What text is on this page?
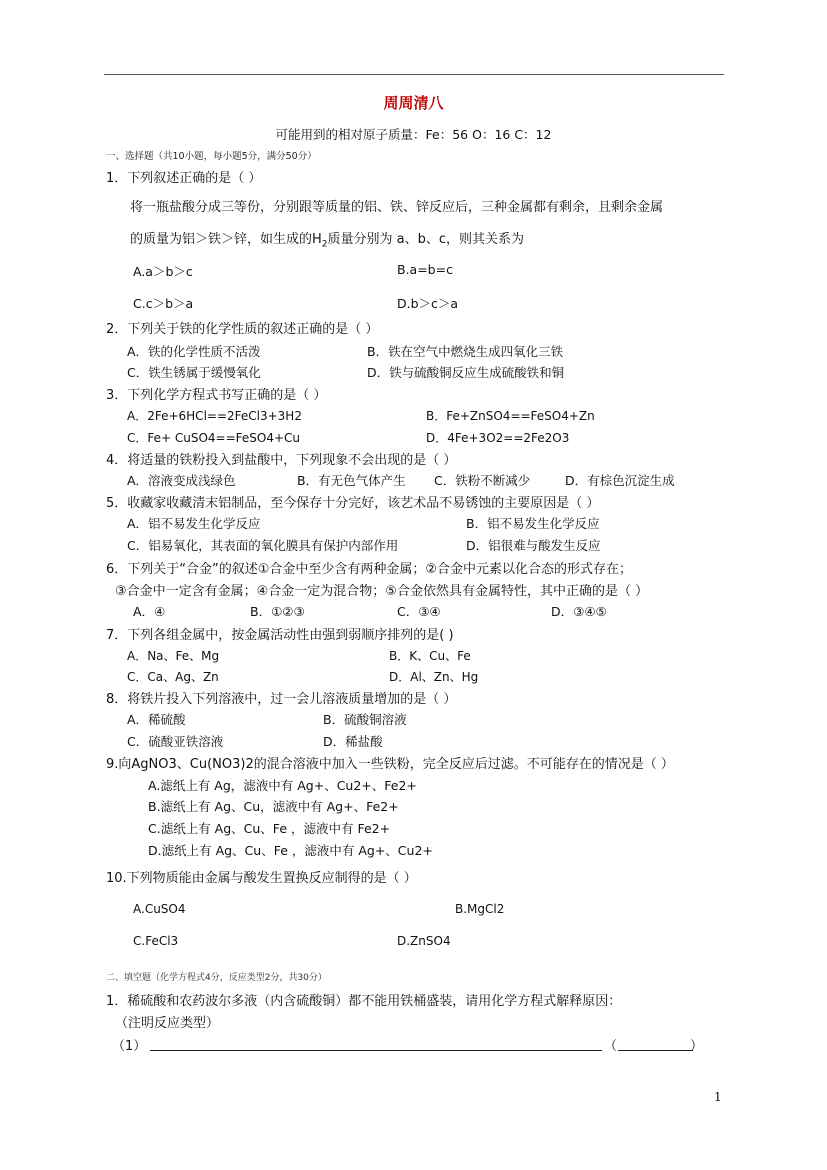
周周清八
可能用到的相对原子质量：Fe：56 O：16 C：12
一、选择题（共10小题，每小题5分，满分50分）
1．下列叙述正确的是（ ）
将一瓶盐酸分成三等份，分别跟等质量的铝、铁、锌反应后，三种金属都有剩余，且剩余金属
的质量为铝＞铁＞锌，如生成的$H_2$质量分别为 a、b、c，则其关系为
A.a＞b＞c	B.a=b=c
C.c＞b＞a	D.b＞c＞a
2．下列关于铁的化学性质的叙述正确的是（ ）
A．铁的化学性质不活泼	B．铁在空气中燃烧生成四氧化三铁
C．铁生锈属于缓慢氧化	D．铁与硫酸铜反应生成硫酸铁和铜
3．下列化学方程式书写正确的是（ ）
A．2Fe+6HCl==2FeCl3+3H2	B．Fe+ZnSO4==FeSO4+Zn
C．Fe+ CuSO4==FeSO4+Cu	D．4Fe+3O2==2Fe2O3
4．将适量的铁粉投入到盐酸中，下列现象不会出现的是（ ）
A．溶液变成浅绿色	B．有无色气体产生 C．铁粉不断减少	D．有棕色沉淀生成
5．收藏家收藏清末铝制品，至今保存十分完好，该艺术品不易锈蚀的主要原因是（ ）
A．铝不易发生化学反应	B．铝不易发生化学反应
C．铝易氧化，其表面的氧化膜具有保护内部作用	D．铝很难与酸发生反应
6．下列关于“合金”的叙述①合金中至少含有两种金属；②合金中元素以化合态的形式存在；
③合金中一定含有金属；④合金一定为混合物；⑤合金依然具有金属特性，其中正确的是（ ）
A．④	B．①②③	C．③④	D．③④⑤
7．下列各组金属中，按金属活动性由强到弱顺序排列的是( )
A．Na、Fe、Mg	B．K、Cu、Fe
C．Ca、Ag、Zn	D．Al、Zn、Hg
8．将铁片投入下列溶液中，过一会儿溶液质量增加的是（ ）
A．稀硫酸	B．硫酸铜溶液
C．硫酸亚铁溶液	D．稀盐酸
9.向AgNO3、Cu(NO3)2的混合溶液中加入一些铁粉，完全反应后过滤。不可能存在的情况是（ ）
A.滤纸上有 Ag，滤液中有 Ag+、Cu2+、Fe2+
B.滤纸上有 Ag、Cu，滤液中有 Ag+、Fe2+
C.滤纸上有 Ag、Cu、Fe ，滤液中有 Fe2+
D.滤纸上有 Ag、Cu、Fe ，滤液中有 Ag+、Cu2+
10.下列物质能由金属与酸发生置换反应制得的是（ ）
A.CuSO4	B.MgCl2
C.FeCl3	D.ZnSO4
二、填空题（化学方程式4分，反应类型2分，共30分）
1．稀硫酸和农药波尔多液（内含硫酸铜）都不能用铁桶盛装，请用化学方程式解释原因：
（注明反应类型）
（1）	（	）
1
